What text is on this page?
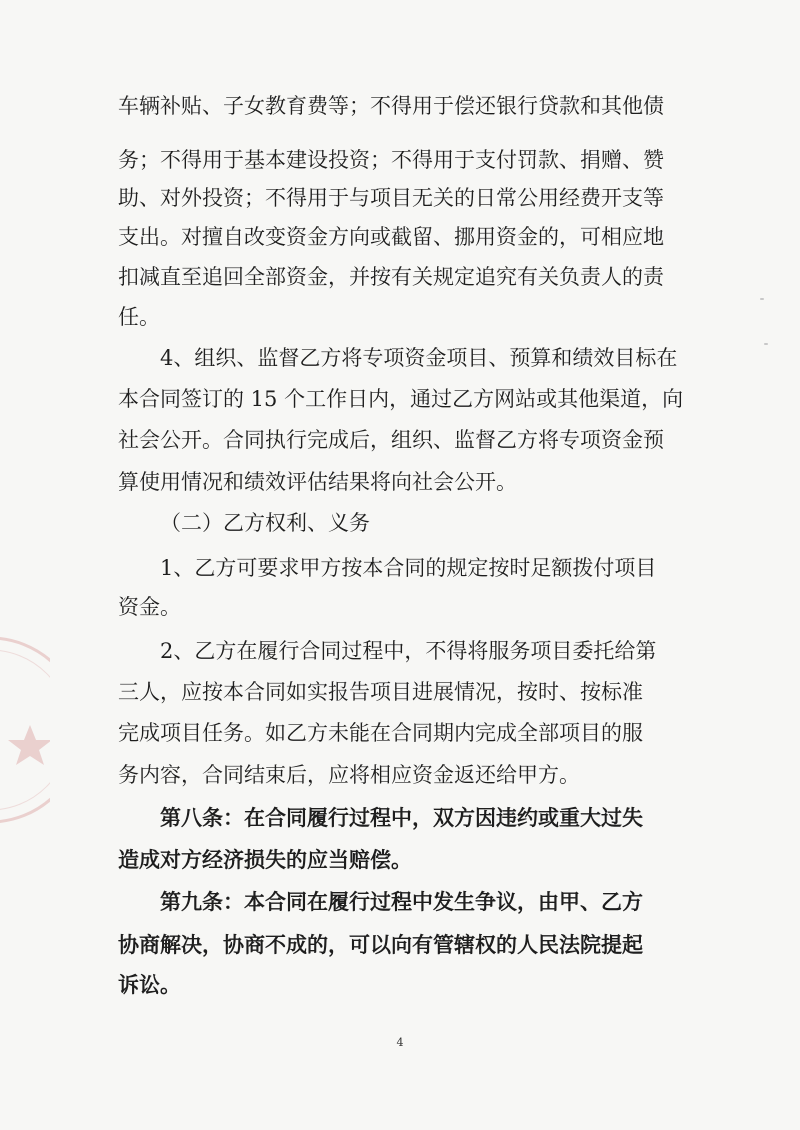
车辆补贴、子女教育费等；不得用于偿还银行贷款和其他债
务；不得用于基本建设投资；不得用于支付罚款、捐赠、赞
助、对外投资；不得用于与项目无关的日常公用经费开支等
支出。对擅自改变资金方向或截留、挪用资金的，可相应地
扣减直至追回全部资金，并按有关规定追究有关负责人的责
任。
4、组织、监督乙方将专项资金项目、预算和绩效目标在
本合同签订的 15 个工作日内，通过乙方网站或其他渠道，向
社会公开。合同执行完成后，组织、监督乙方将专项资金预
算使用情况和绩效评估结果将向社会公开。
（二）乙方权利、义务
1、乙方可要求甲方按本合同的规定按时足额拨付项目
资金。
2、乙方在履行合同过程中，不得将服务项目委托给第
三人，应按本合同如实报告项目进展情况，按时、按标准
完成项目任务。如乙方未能在合同期内完成全部项目的服
务内容，合同结束后，应将相应资金返还给甲方。
第八条：在合同履行过程中，双方因违约或重大过失
造成对方经济损失的应当赔偿。
第九条：本合同在履行过程中发生争议，由甲、乙方
协商解决，协商不成的，可以向有管辖权的人民法院提起
诉讼。
4
